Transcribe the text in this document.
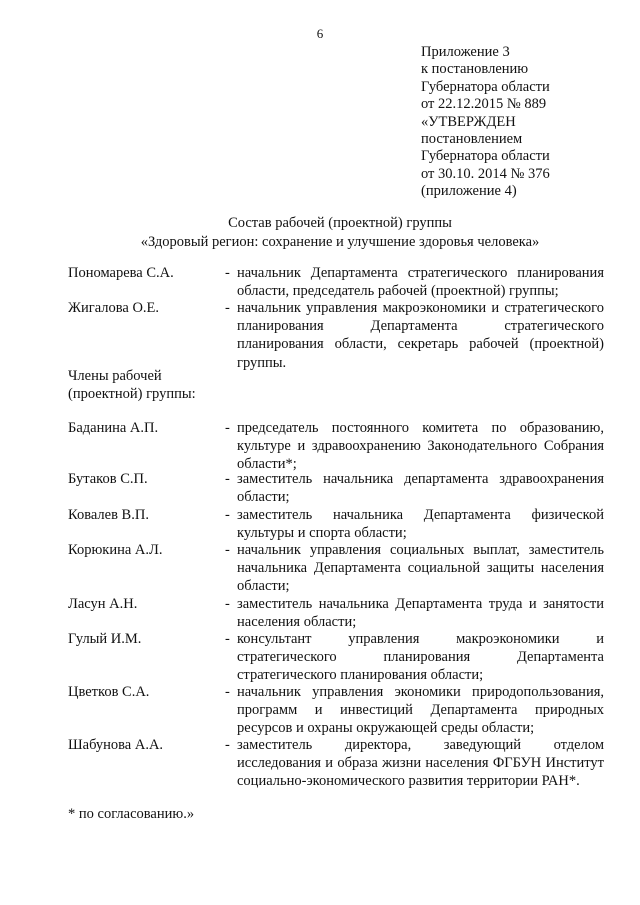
6
Приложение 3
к постановлению
Губернатора области
от 22.12.2015 № 889
«УТВЕРЖДЕН
постановлением
Губернатора области
от 30.10. 2014 № 376
(приложение 4)
Состав рабочей (проектной) группы
«Здоровый регион: сохранение и улучшение здоровья человека»
Пономарева С.А.	- начальник Департамента стратегического планирования области, председатель рабочей (проектной) группы;
Жигалова О.Е.	- начальник управления макроэкономики и стратегического планирования Департамента стратегического планирования области, секретарь рабочей (проектной) группы.
Члены рабочей
(проектной) группы:
Баданина А.П.	- председатель постоянного комитета по образованию, культуре и здравоохранению Законодательного Собрания области*;
Бутаков С.П.	- заместитель начальника департамента здравоохранения области;
Ковалев В.П.	- заместитель начальника Департамента физической культуры и спорта области;
Корюкина А.Л.	- начальник управления социальных выплат, заместитель начальника Департамента социальной защиты населения области;
Ласун А.Н.	- заместитель начальника Департамента труда и занятости населения области;
Гулый И.М.	- консультант управления макроэкономики и стратегического планирования Департамента стратегического планирования области;
Цветков С.А.	- начальник управления экономики природопользования, программ и инвестиций Департамента природных ресурсов и охраны окружающей среды области;
Шабунова А.А.	- заместитель директора, заведующий отделом исследования и образа жизни населения ФГБУН Институт социально-экономического развития территории РАН*.
* по согласованию.»
